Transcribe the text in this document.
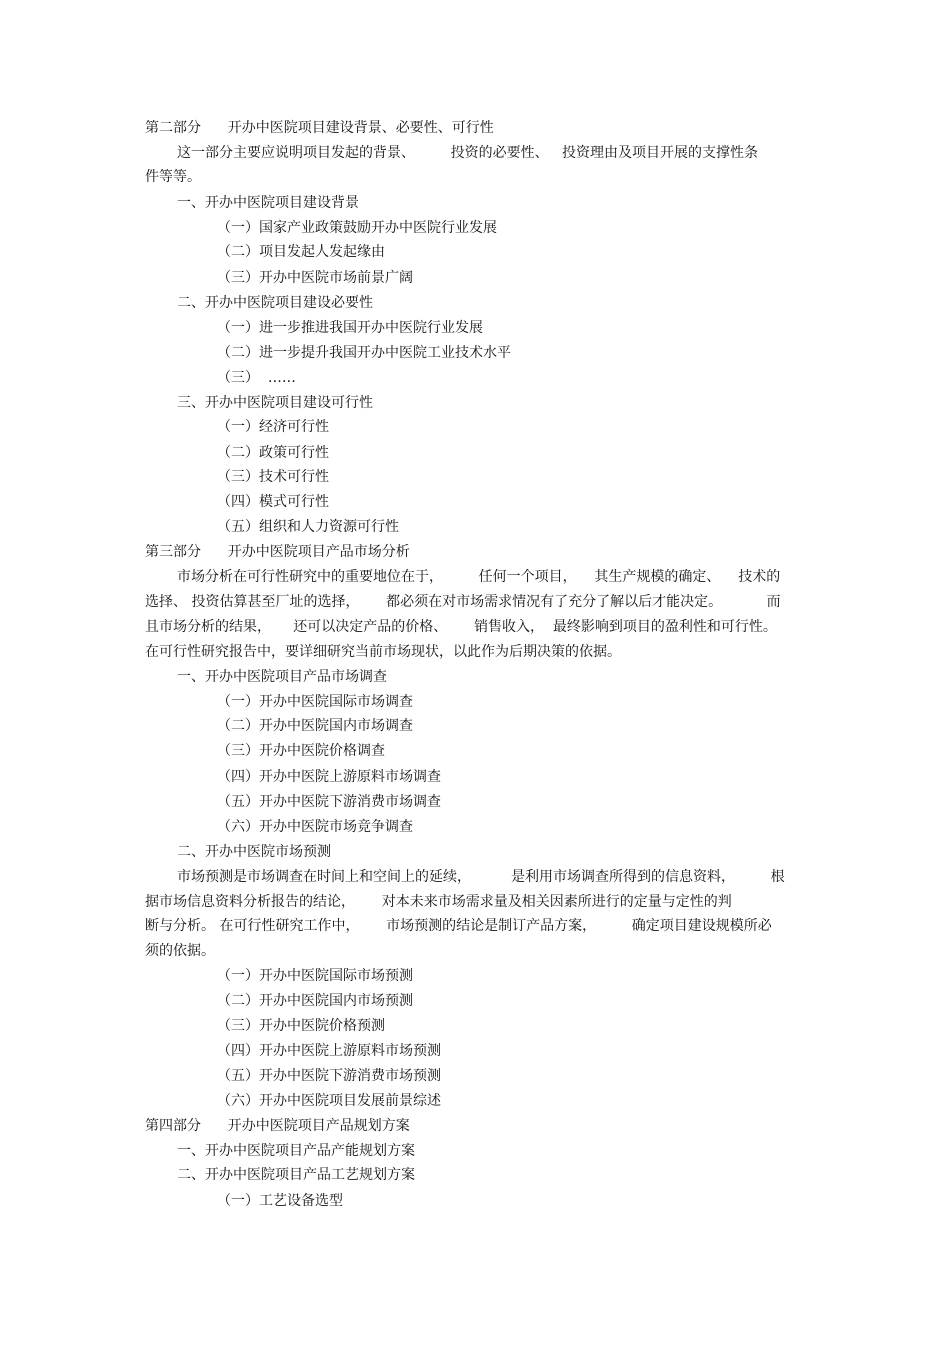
第二部分      开办中医院项目建设背景、必要性、可行性
这一部分主要应说明项目发起的背景、        投资的必要性、   投资理由及项目开展的支撑性条
件等等。
一、开办中医院项目建设背景
（一）国家产业政策鼓励开办中医院行业发展
（二）项目发起人发起缘由
（三）开办中医院市场前景广阔
二、开办中医院项目建设必要性
（一）进一步推进我国开办中医院行业发展
（二）进一步提升我国开办中医院工业技术水平
（三）  ……
三、开办中医院项目建设可行性
（一）经济可行性
（二）政策可行性
（三）技术可行性
（四）模式可行性
（五）组织和人力资源可行性
第三部分      开办中医院项目产品市场分析
市场分析在可行性研究中的重要地位在于，        任何一个项目，    其生产规模的确定、    技术的
选择、 投资估算甚至厂址的选择，      都必须在对市场需求情况有了充分了解以后才能决定。          而
且市场分析的结果，     还可以决定产品的价格、      销售收入，  最终影响到项目的盈利性和可行性。
在可行性研究报告中，要详细研究当前市场现状，以此作为后期决策的依据。
一、开办中医院项目产品市场调查
（一）开办中医院国际市场调查
（二）开办中医院国内市场调查
（三）开办中医院价格调查
（四）开办中医院上游原料市场调查
（五）开办中医院下游消费市场调查
（六）开办中医院市场竞争调查
二、开办中医院市场预测
市场预测是市场调查在时间上和空间上的延续，         是利用市场调查所得到的信息资料，        根
据市场信息资料分析报告的结论，      对本未来市场需求量及相关因素所进行的定量与定性的判
断与分析。 在可行性研究工作中，      市场预测的结论是制订产品方案，        确定项目建设规模所必
须的依据。
（一）开办中医院国际市场预测
（二）开办中医院国内市场预测
（三）开办中医院价格预测
（四）开办中医院上游原料市场预测
（五）开办中医院下游消费市场预测
（六）开办中医院项目发展前景综述
第四部分      开办中医院项目产品规划方案
一、开办中医院项目产品产能规划方案
二、开办中医院项目产品工艺规划方案
（一）工艺设备选型
